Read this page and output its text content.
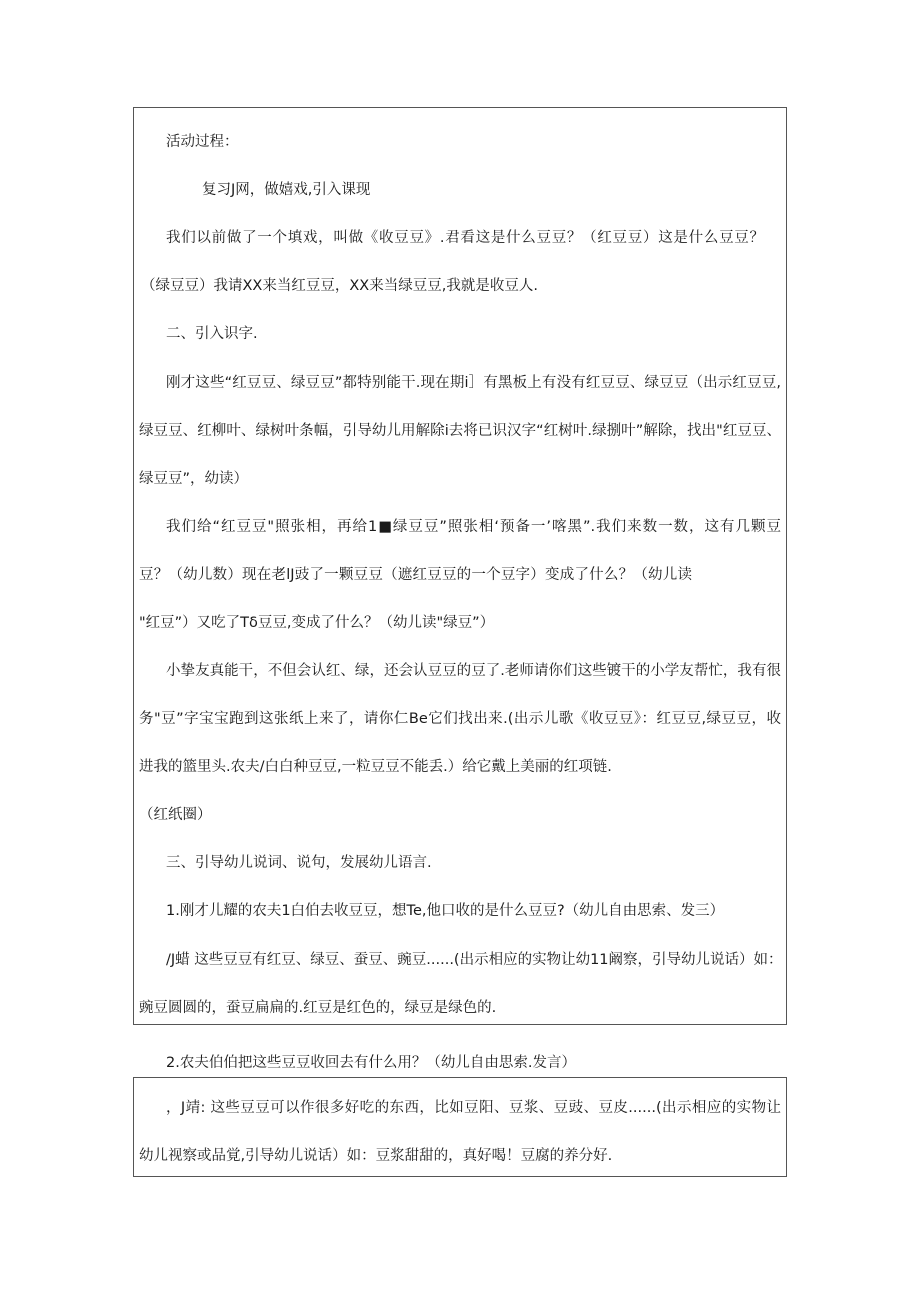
活动过程：
复习J网，做嬉戏,引入课现
我们以前做了一个填戏，叫做《收豆豆》.君看这是什么豆豆？（红豆豆）这是什么豆豆？
（绿豆豆）我请XX来当红豆豆，XX来当绿豆豆,我就是收豆人.
二、引入识字.
刚才这些“红豆豆、绿豆豆”都特别能干.现在期i］有黑板上有没有红豆豆、绿豆豆（出示红豆豆,
绿豆豆、红柳叶、绿树叶条幅，引导幼儿用解除i去将已识汉字“红树叶.绿捌叶”解除，找出"红豆豆、
绿豆豆”，幼读）
我们给“红豆豆"照张相，再给1■绿豆豆”照张相‘预备一’喀黑”.我们来数一数，这有几颗豆
豆？（幼儿数）现在老lJ豉了一颗豆豆（遮红豆豆的一个豆字）变成了什么？（幼儿读
"红豆”）又吃了Tδ豆豆,变成了什么？（幼儿读"绿豆”）
小挚友真能干，不但会认红、绿，还会认豆豆的豆了.老师请你们这些镀干的小学友帮忙，我有很
务"豆”字宝宝跑到这张纸上来了，请你仁Be它们找出来.(出示儿歌《收豆豆》：红豆豆,绿豆豆，收
进我的篮里头.农夫/白白种豆豆,一粒豆豆不能丢.）给它戴上美丽的红项链.
（红纸圈）
三、引导幼儿说词、说句，发展幼儿语言.
1.刚才儿耀的农夫1白伯去收豆豆，想Te,他口收的是什么豆豆?（幼儿自由思索、发三）
/J蜡 这些豆豆有红豆、绿豆、蚕豆、豌豆......(出示相应的实物让幼11阚察，引导幼儿说话）如：
豌豆圆圆的，蚕豆扁扁的.红豆是红色的，绿豆是绿色的.
2.农夫伯伯把这些豆豆收回去有什么用？（幼儿自由思索.发言）
，J靖: 这些豆豆可以作很多好吃的东西，比如豆阳、豆浆、豆豉、豆皮......(出示相应的实物让
幼儿视察或品覚,引导幼儿说话）如：豆浆甜甜的，真好喝！豆腐的养分好.
